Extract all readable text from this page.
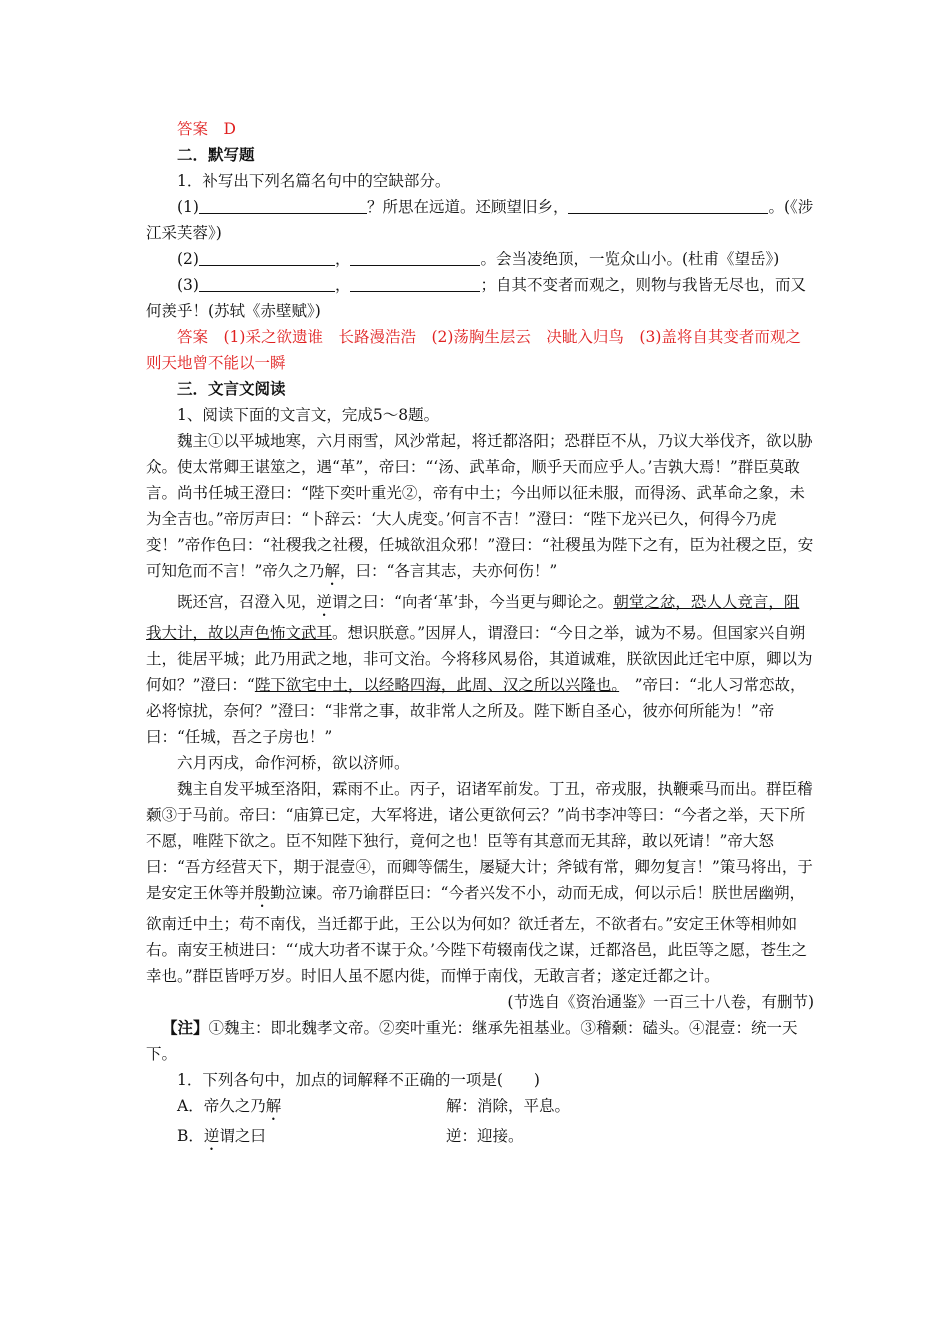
答案　D

二．默写题

1．补写出下列名篇名句中的空缺部分。

(1)	？所思在远道。还顾望旧乡，	。(《涉江采芙蓉》)

(2)	，	。会当凌绝顶，一览众山小。(杜甫《望岳》)

(3)	，	；自其不变者而观之，则物与我皆无尽也，而又何羡乎！(苏轼《赤壁赋》)

答案　(1)采之欲遗谁　长路漫浩浩　(2)荡胸生层云　决眦入归鸟　(3)盖将自其变者而观之　则天地曾不能以一瞬

三．文言文阅读

1、阅读下面的文言文，完成5～8题。

魏主①以平城地寒，六月雨雪，风沙常起，将迁都洛阳；恐群臣不从，乃议大举伐齐，欲以胁众。使太常卿王谌筮之，遇“革”，帝曰：“‘汤、武革命，顺乎天而应乎人。’吉孰大焉！”群臣莫敢言。尚书任城王澄曰：“陛下奕叶重光②，帝有中土；今出师以征未服，而得汤、武革命之象，未为全吉也。”帝厉声曰：“卜辞云：‘大人虎变。’何言不吉！”澄曰：“陛下龙兴已久，何得今乃虎变！”帝作色曰：“社稷我之社稷，任城欲沮众邪！”澄曰：“社稷虽为陛下之有，臣为社稷之臣，安可知危而不言！”帝久之乃解，曰：“各言其志，夫亦何伤！”

既还宫，召澄入见，逆谓之曰：“向者‘革’卦，今当更与卿论之。朝堂之忿，恐人人竞言，阻我大计，故以声色怖文武耳。想识朕意。”因屏人，谓澄曰：“今日之举，诚为不易。但国家兴自朔土，徙居平城；此乃用武之地，非可文治。今将移风易俗，其道诚难，朕欲因此迁宅中原，卿以为何如？”澄曰：“陛下欲宅中土，以经略四海，此周、汉之所以兴隆也。　”帝曰：“北人习常恋故，必将惊扰，奈何？”澄曰：“非常之事，故非常人之所及。陛下断自圣心，彼亦何所能为！”帝曰：“任城，吾之子房也！”

六月丙戌，命作河桥，欲以济师。

魏主自发平城至洛阳，霖雨不止。丙子，诏诸军前发。丁丑，帝戎服，执鞭乘马而出。群臣稽颡③于马前。帝曰：“庙算已定，大军将进，诸公更欲何云？”尚书李冲等曰：“今者之举，天下所不愿，唯陛下欲之。臣不知陛下独行，竟何之也！臣等有其意而无其辞，敢以死请！”帝大怒曰：“吾方经营天下，期于混壹④，而卿等儒生，屡疑大计；斧钺有常，卿勿复言！”策马将出，于是安定王休等并殷勤泣谏。帝乃谕群臣曰：“今者兴发不小，动而无成，何以示后！朕世居幽朔，欲南迁中土；苟不南伐，当迁都于此，王公以为何如？欲迁者左，不欲者右。”安定王休等相帅如右。南安王桢进曰：“‘成大功者不谋于众。’今陛下苟辍南伐之谋，迁都洛邑，此臣等之愿，苍生之幸也。”群臣皆呼万岁。时旧人虽不愿内徙，而惮于南伐，无敢言者；遂定迁都之计。

(节选自《资治通鉴》一百三十八卷，有删节)

【注】①魏主：即北魏孝文帝。②奕叶重光：继承先祖基业。③稽颡：磕头。④混壹：统一天下。

1．下列各句中，加点的词解释不正确的一项是(　　)

A．帝久之乃解	解：消除，平息。
B．逆谓之曰	逆：迎接。
